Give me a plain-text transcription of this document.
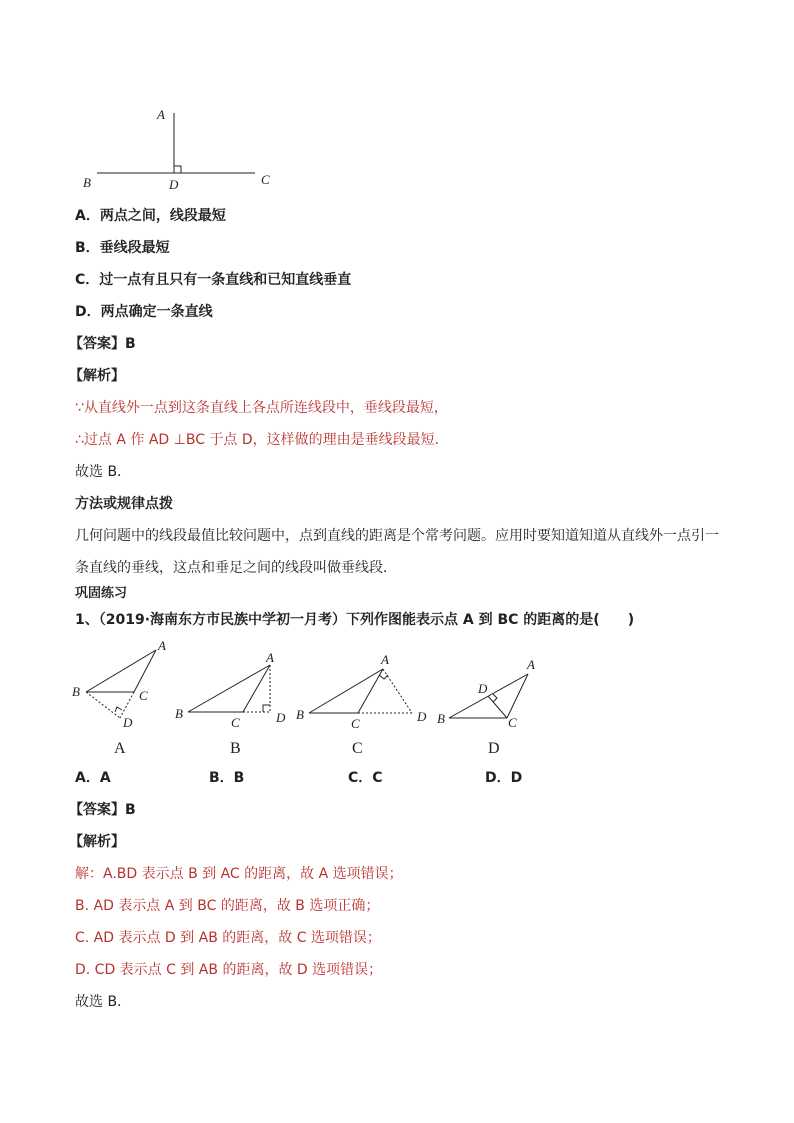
A
B	C
D
A．两点之间，线段最短
B．垂线段最短
C．过一点有且只有一条直线和已知直线垂直
D．两点确定一条直线
【答案】B
【解析】
∵从直线外一点到这条直线上各点所连线段中，垂线段最短，
∴过点 A 作 AD ⊥BC 于点 D，这样做的理由是垂线段最短．
故选 B．
方法或规律点拨
几何问题中的线段最值比较问题中，点到直线的距离是个常考问题。应用时要知道知道从直线外一点引一
条直线的垂线，这点和垂足之间的线段叫做垂线段．
巩固练习
1、（2019·海南东方市民族中学初一月考）下列作图能表示点 A 到 BC 的距离的是(　　)
A
B	C
D
A
B
C	D
A
B
C	D
A
B	C
D
A	B	C	D
A．A	B．B	C．C	D．D
【答案】B
【解析】
解：A.BD 表示点 B 到 AC 的距离，故 A 选项错误；
B. AD 表示点 A 到 BC 的距离，故 B 选项正确；
C. AD 表示点 D 到 AB 的距离，故 C 选项错误；
D. CD 表示点 C 到 AB 的距离，故 D 选项错误；
故选 B．
